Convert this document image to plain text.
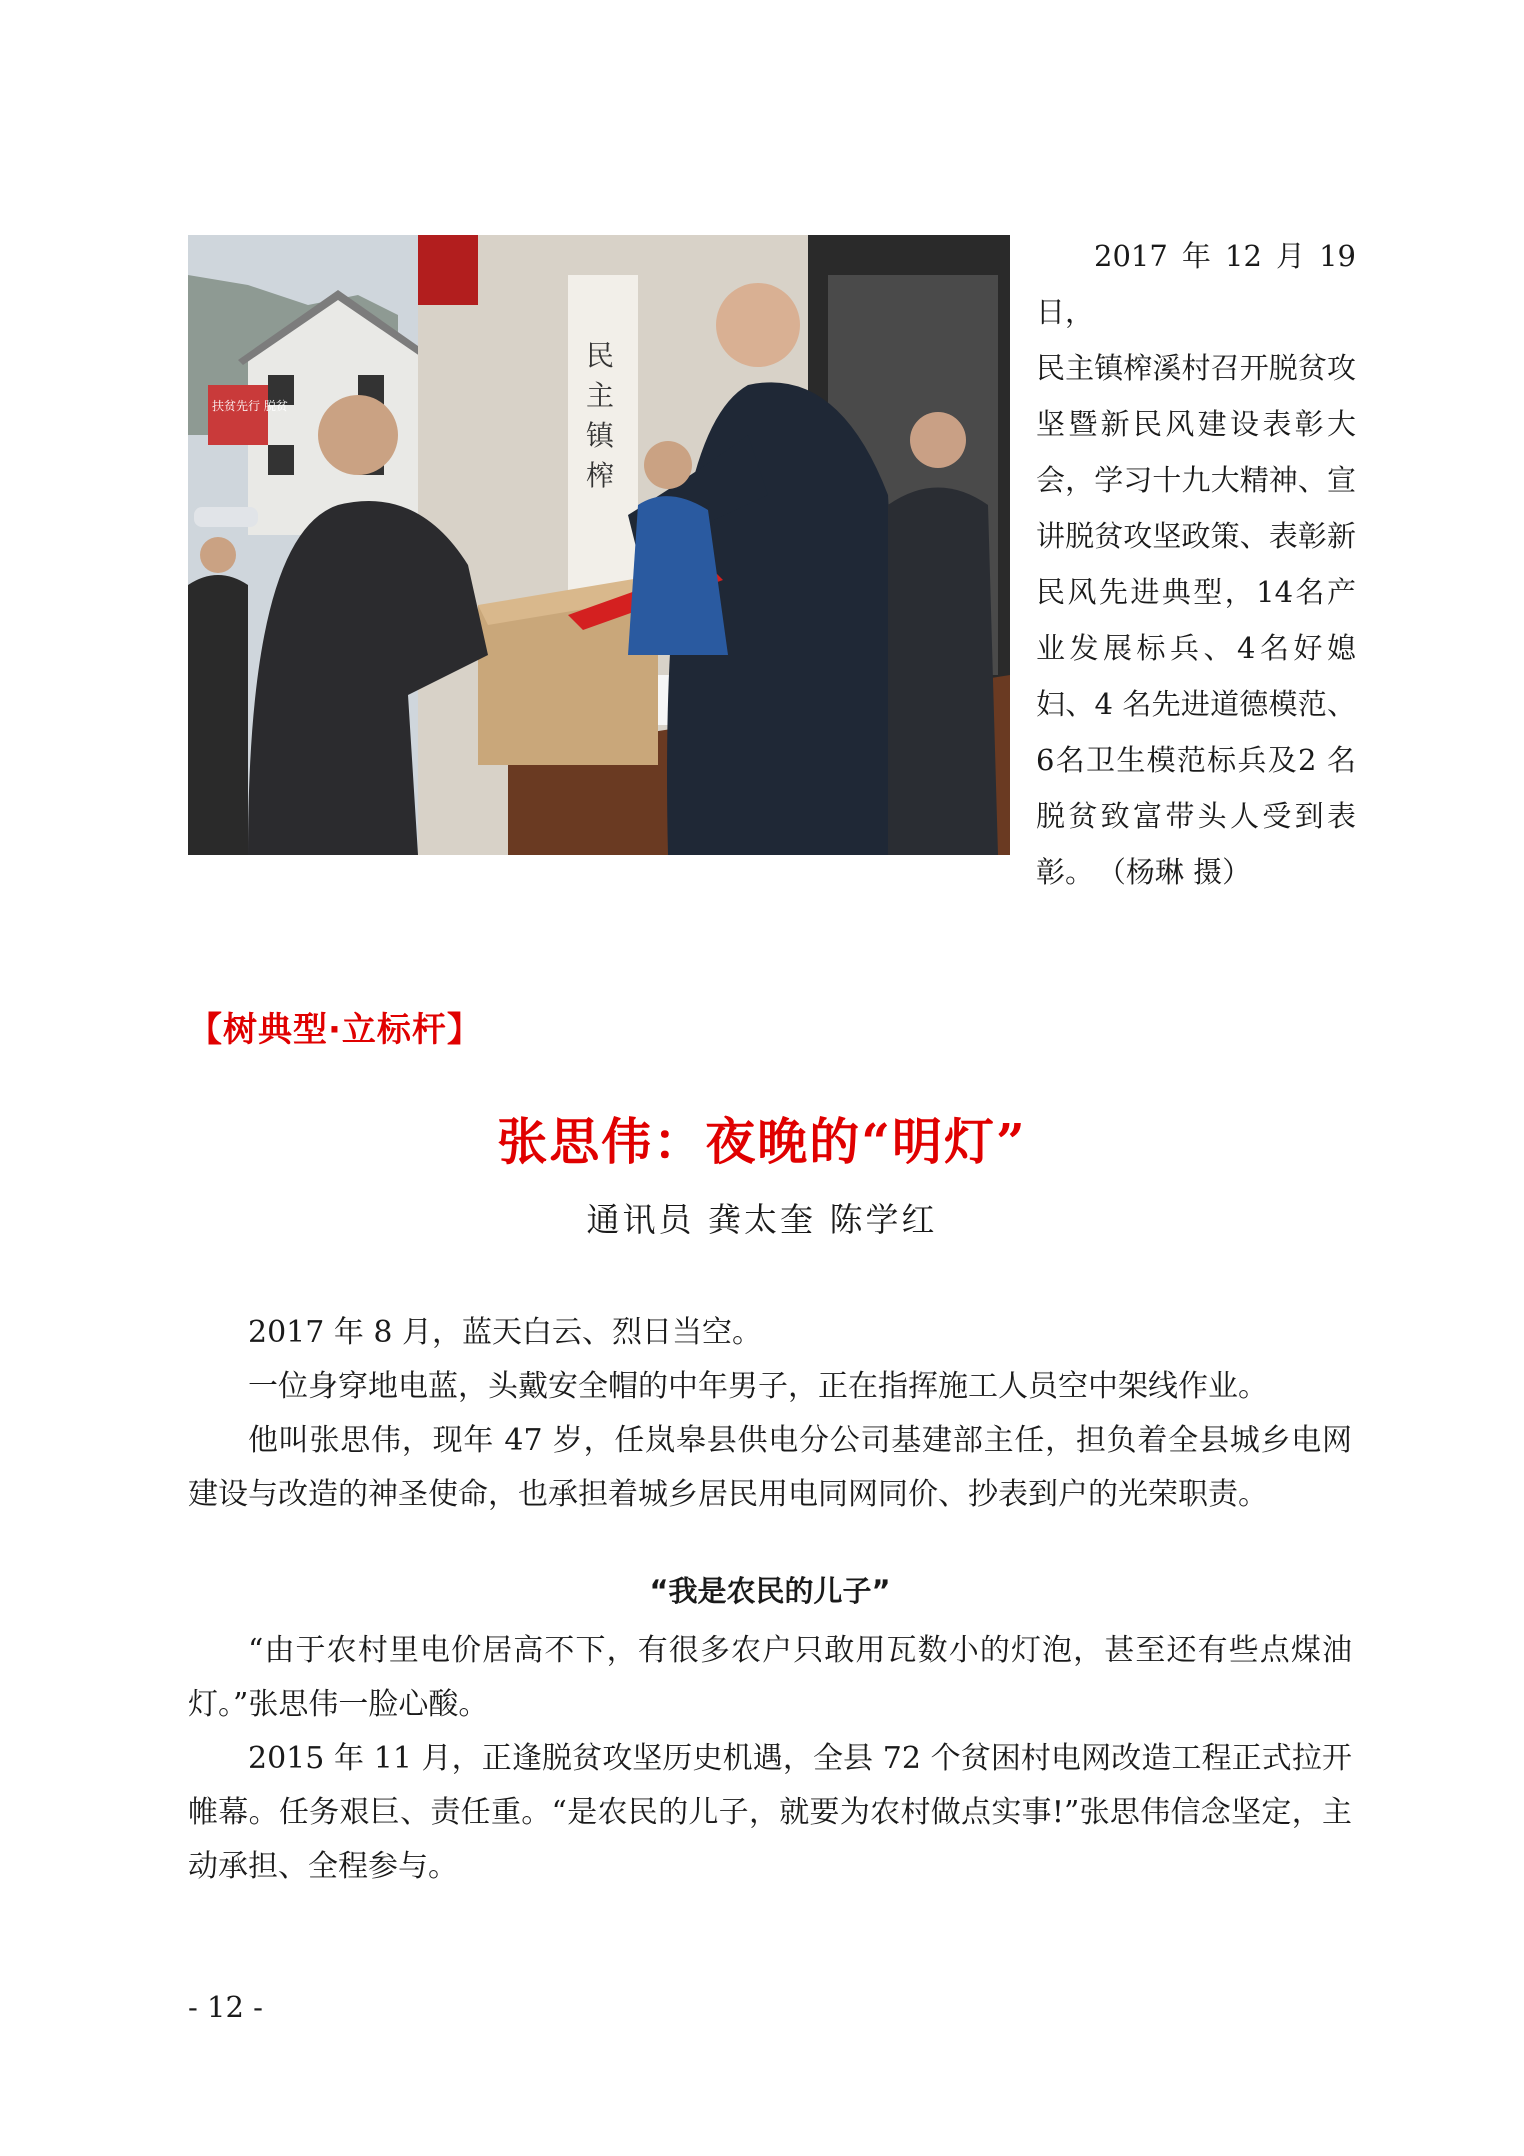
扶贫先行 脱贫
民
主
镇
榨

2017年12月19日，

民主镇榨溪村召开脱贫攻坚暨新民风建设表彰大会，学习十九大精神、宣讲脱贫攻坚政策、表彰新民风先进典型，14名产业发展标兵、4名好媳妇、4 名先进道德模范、6名卫生模范标兵及2 名脱贫致富带头人受到表彰。 （杨琳 摄）

【树典型·立标杆】
张思伟：夜晚的“明灯”
通讯员 龚太奎 陈学红

2017 年 8 月，蓝天白云、烈日当空。

一位身穿地电蓝，头戴安全帽的中年男子，正在指挥施工人员空中架线作业。

他叫张思伟，现年 47 岁，任岚皋县供电分公司基建部主任，担负着全县城乡电网建设与改造的神圣使命，也承担着城乡居民用电同网同价、抄表到户的光荣职责。

“我是农民的儿子”

“由于农村里电价居高不下，有很多农户只敢用瓦数小的灯泡，甚至还有些点煤油灯。”张思伟一脸心酸。

2015 年 11 月，正逢脱贫攻坚历史机遇，全县 72 个贫困村电网改造工程正式拉开帷幕。任务艰巨、责任重。“是农民的儿子，就要为农村做点实事!”张思伟信念坚定，主动承担、全程参与。

- 12 -
